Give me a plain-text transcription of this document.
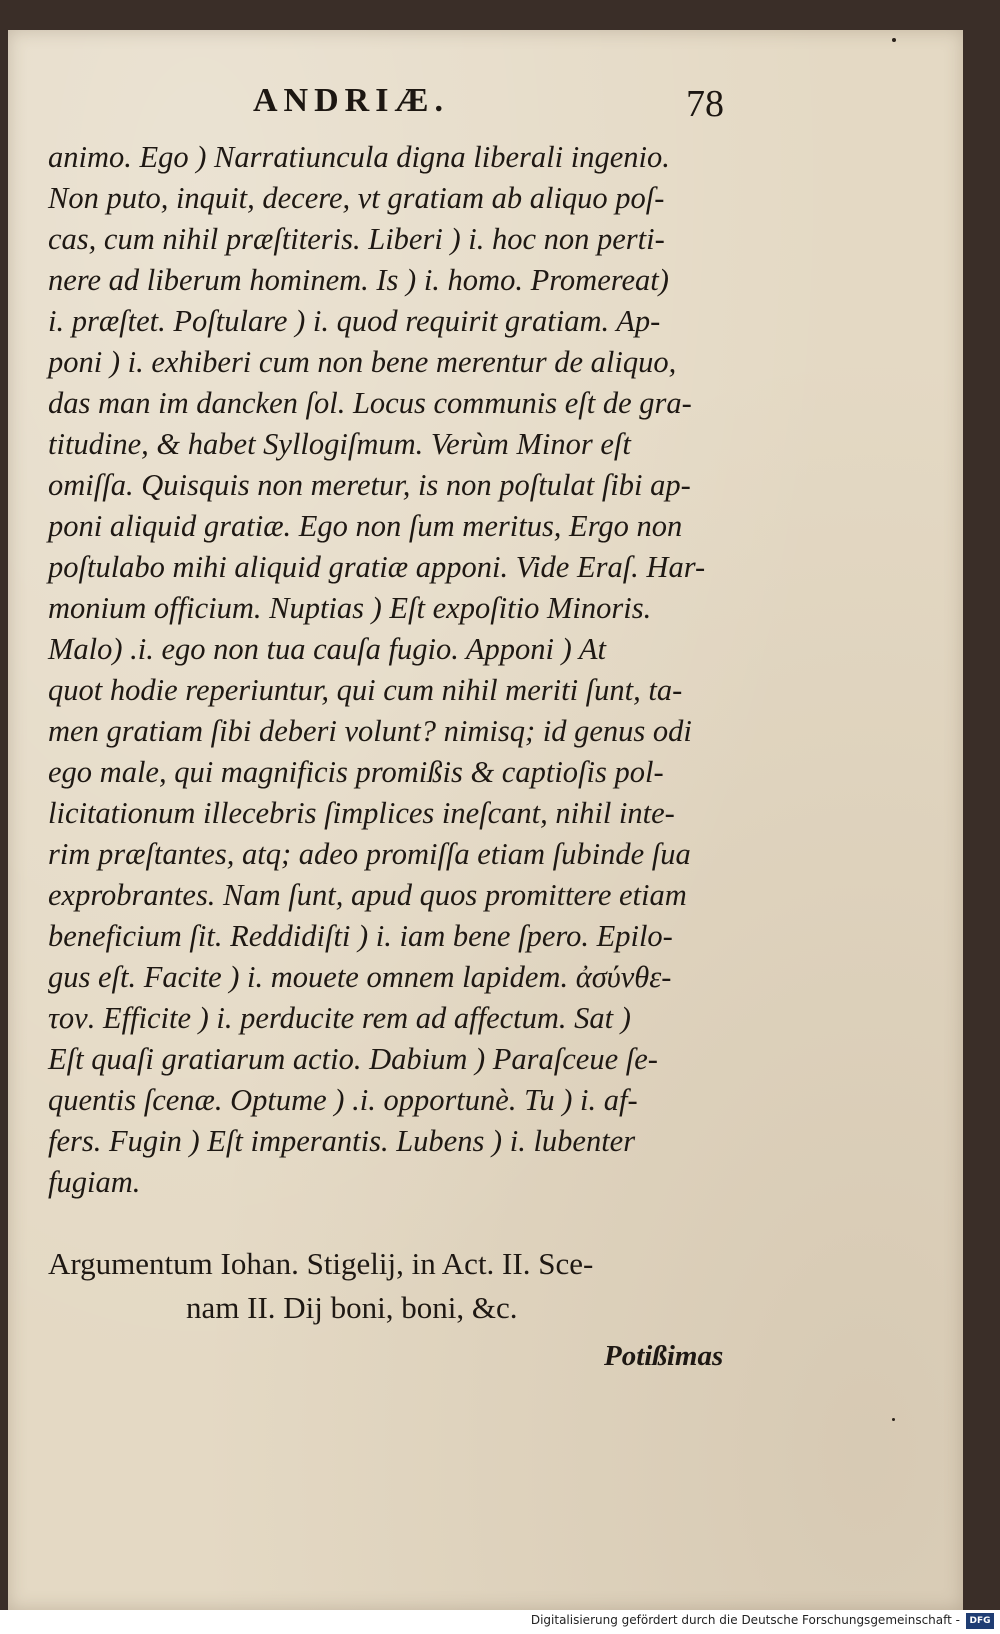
ANDRIÆ.	78
animo. Ego ) Narratiuncula digna liberali ingenio.
Non puto, inquit, decere, vt gratiam ab aliquo poſ-
cas, cum nihil præſtiteris. Liberi ) i. hoc non perti-
nere ad liberum hominem. Is ) i. homo. Promereat)
i. præſtet. Poſtulare ) i. quod requirit gratiam. Ap-
poni ) i. exhiberi cum non bene merentur de aliquo,
das man im dancken ſol. Locus communis eſt de gra-
titudine, & habet Syllogiſmum. Verùm Minor eſt
omiſſa. Quisquis non meretur, is non poſtulat ſibi ap-
poni aliquid gratiæ. Ego non ſum meritus, Ergo non
poſtulabo mihi aliquid gratiæ apponi. Vide Eraſ. Har-
monium officium. Nuptias ) Eſt expoſitio Minoris.
Malo) .i. ego non tua cauſa fugio. Apponi ) At
quot hodie reperiuntur, qui cum nihil meriti ſunt, ta-
men gratiam ſibi deberi volunt? nimisq; id genus odi
ego male, qui magnificis promißis & captioſis pol-
licitationum illecebris ſimplices ineſcant, nihil inte-
rim præſtantes, atq; adeo promiſſa etiam ſubinde ſua
exprobrantes. Nam ſunt, apud quos promittere etiam
beneficium ſit. Reddidiſti ) i. iam bene ſpero. Epilo-
gus eſt. Facite ) i. mouete omnem lapidem. ἀσύνθε-
τον. Efficite ) i. perducite rem ad affectum. Sat )
Eſt quaſi gratiarum actio. Dabium ) Paraſceue ſe-
quentis ſcenæ. Optume ) .i. opportunè. Tu ) i. af-
fers. Fugin ) Eſt imperantis. Lubens ) i. lubenter
fugiam.
Argumentum Iohan. Stigelij, in Act. II. Sce-
nam II. Dij boni, boni, &c.
Potißimas
Digitalisierung gefördert durch die Deutsche Forschungsgemeinschaft -	DFG
